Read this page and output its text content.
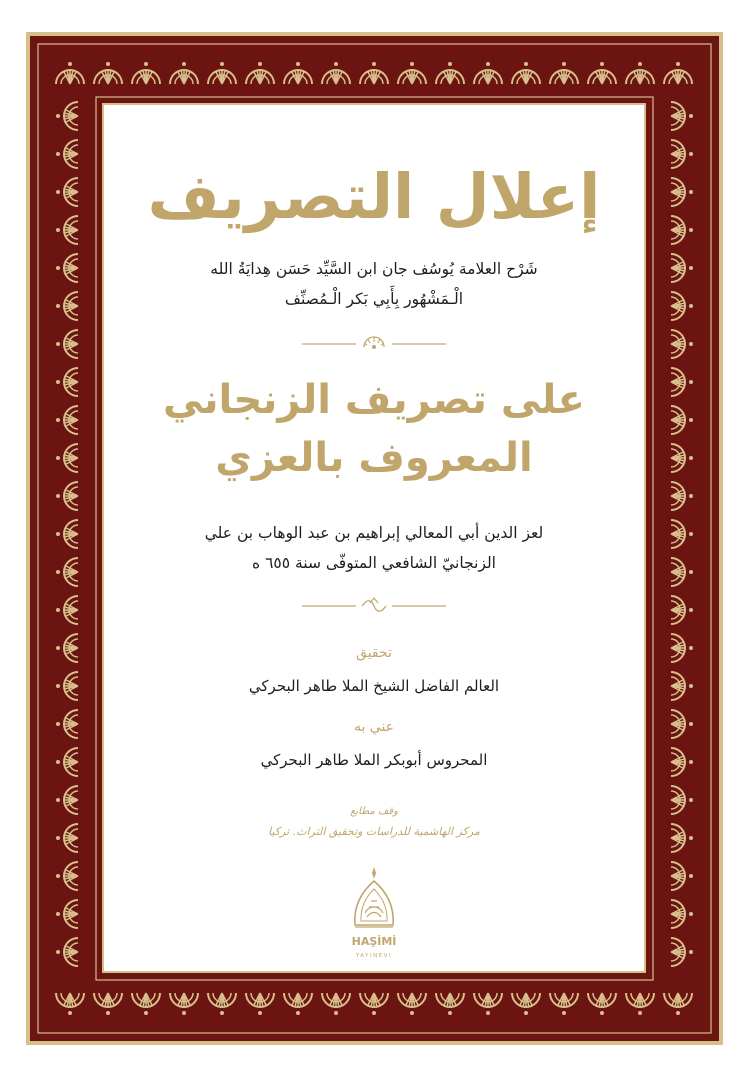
إعلال التصريف
شَرْح العلامة يُوسُف جان ابن السَّيِّد حَسَن هِدايَةُ الله
الْـمَشْهُور بِأَبِي بَكر الْـمُصنِّف
على تصريف الزنجاني
المعروف بالعزي
لعز الدين أبي المعالي إبراهيم بن عبد الوهاب بن علي
الزنجانيّ الشافعي المتوفّى سنة ٦٥٥ ه
تحقيق
العالم الفاضل الشيخ الملا طاهر البحركي
عني به
المحروس أبوبكر الملا طاهر البحركي
وقف مطابع
مركز الهاشمية للدراسات وتحقيق التراث. تركيا
HAŞİMİ
YAYINEVI
